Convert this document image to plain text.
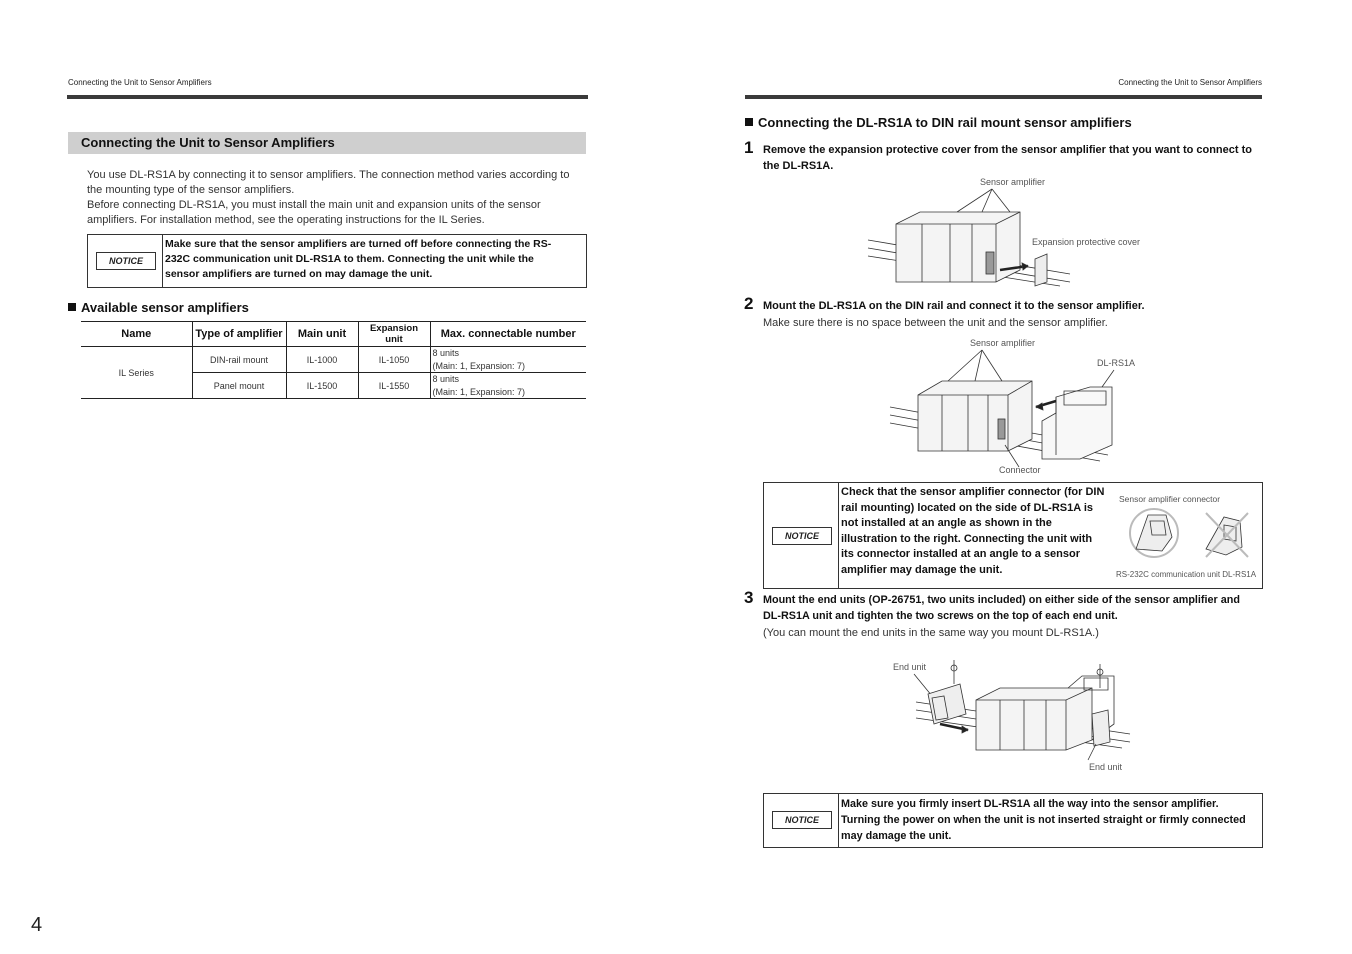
Connecting the Unit to Sensor Amplifiers
Connecting the Unit to Sensor Amplifiers
You use DL-RS1A by connecting it to sensor amplifiers. The connection method varies according to
the mounting type of the sensor amplifiers.
Before connecting DL-RS1A, you must install the main unit and expansion units of the sensor
amplifiers. For installation method, see the operating instructions for the IL Series.
NOTICE
Make sure that the sensor amplifiers are turned off before connecting the RS-
232C communication unit DL-RS1A to them. Connecting the unit while the
sensor amplifiers are turned on may damage the unit.
Available sensor amplifiers
Name	Type of amplifier	Main unit	Expansion unit	Max. connectable number
IL Series	DIN-rail mount	IL-1000	IL-1050	8 units
(Main: 1, Expansion: 7)

	Panel mount	IL-1500	IL-1550	8 units
(Main: 1, Expansion: 7)
4
Connecting the Unit to Sensor Amplifiers
Connecting the DL-RS1A to DIN rail mount sensor amplifiers
1 Remove the expansion protective cover from the sensor amplifier that you want to connect to
the DL-RS1A.
Sensor amplifier
Expansion protective cover
2 Mount the DL-RS1A on the DIN rail and connect it to the sensor amplifier.
Make sure there is no space between the unit and the sensor amplifier.
Sensor amplifier
DL-RS1A
Connector
NOTICE
Check that the sensor amplifier connector (for DIN
rail mounting) located on the side of DL-RS1A is
not installed at an angle as shown in the
illustration to the right. Connecting the unit with
its connector installed at an angle to a sensor
amplifier may damage the unit.
Sensor amplifier connector
RS-232C communication unit DL-RS1A
3 Mount the end units (OP-26751, two units included) on either side of the sensor amplifier and
DL-RS1A unit and tighten the two screws on the top of each end unit.
(You can mount the end units in the same way you mount DL-RS1A.)
End unit
End unit
NOTICE
Make sure you firmly insert DL-RS1A all the way into the sensor amplifier.
Turning the power on when the unit is not inserted straight or firmly connected
may damage the unit.
